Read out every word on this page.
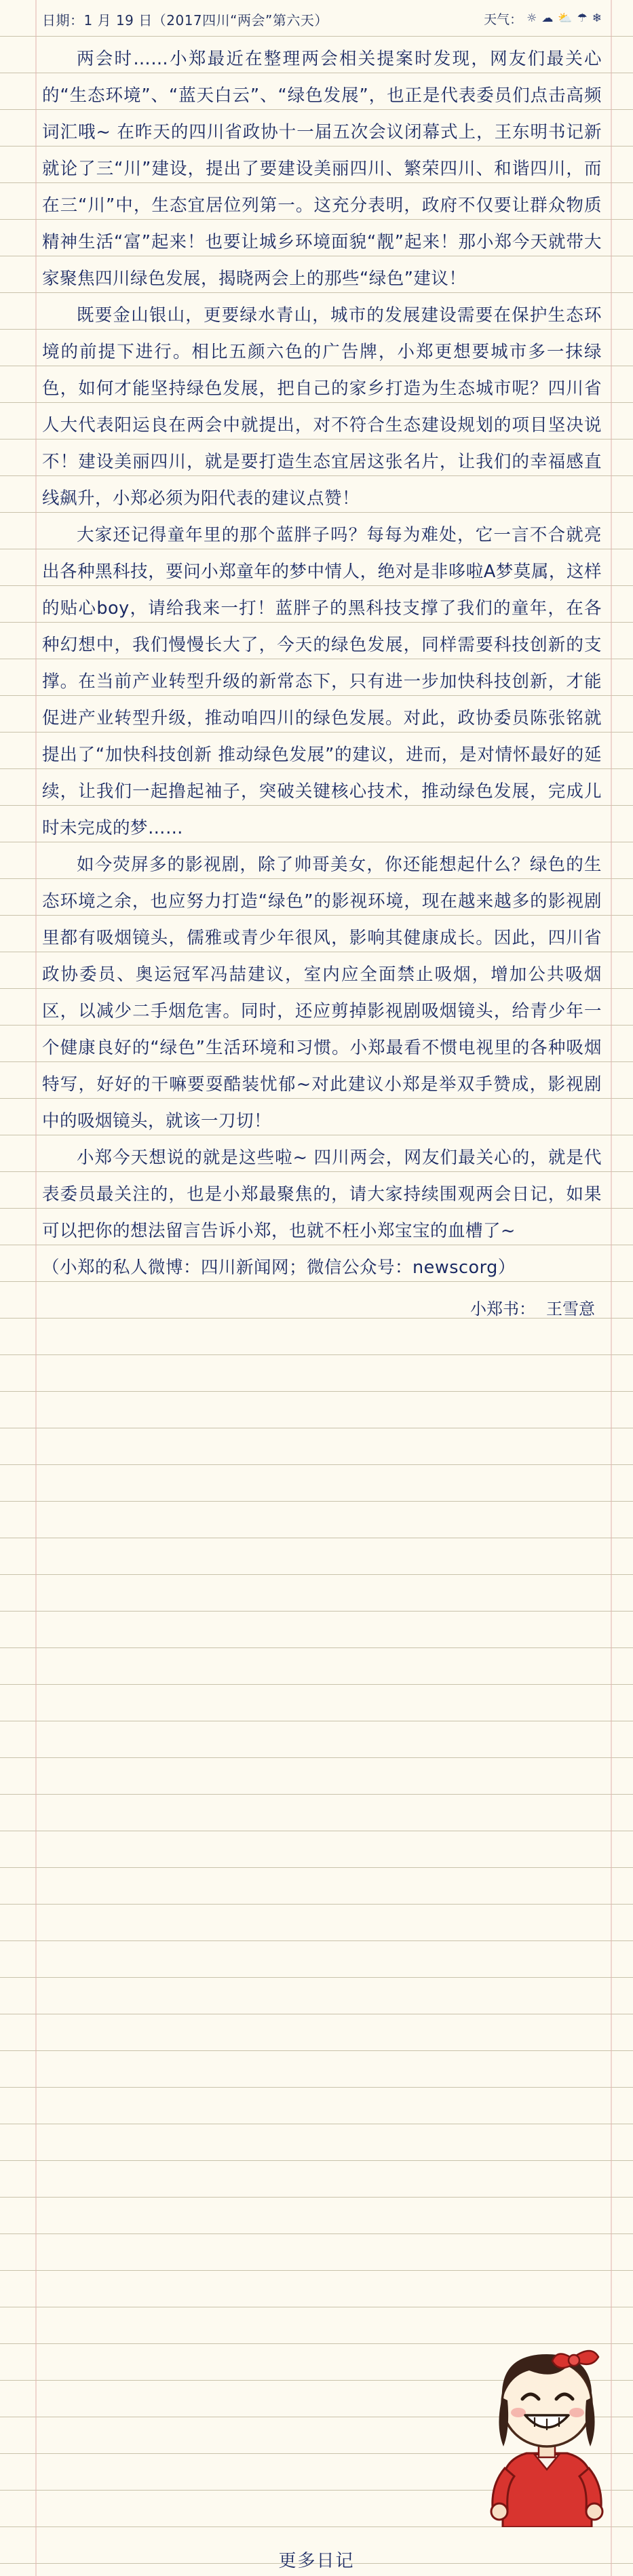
日期：1 月 19 日（2017四川“两会”第六天）	天气： ☼ ☁ ⛅ ☂ ❄

两会时……小郑最近在整理两会相关提案时发现，网友们最关心的“生态环境”、“蓝天白云”、“绿色发展”，也正是代表委员们点击高频词汇哦~ 在昨天的四川省政协十一届五次会议闭幕式上，王东明书记新就论了三“川”建设，提出了要建设美丽四川、繁荣四川、和谐四川，而在三“川”中，生态宜居位列第一。这充分表明，政府不仅要让群众物质精神生活“富”起来！也要让城乡环境面貌“靓”起来！那小郑今天就带大家聚焦四川绿色发展，揭晓两会上的那些“绿色”建议！

既要金山银山，更要绿水青山，城市的发展建设需要在保护生态环境的前提下进行。相比五颜六色的广告牌，小郑更想要城市多一抹绿色，如何才能坚持绿色发展，把自己的家乡打造为生态城市呢？四川省人大代表阳运良在两会中就提出，对不符合生态建设规划的项目坚决说不！建设美丽四川，就是要打造生态宜居这张名片，让我们的幸福感直线飙升，小郑必须为阳代表的建议点赞！

大家还记得童年里的那个蓝胖子吗？每每为难处，它一言不合就亮出各种黑科技，要问小郑童年的梦中情人，绝对是非哆啦A梦莫属，这样的贴心boy，请给我来一打！蓝胖子的黑科技支撑了我们的童年，在各种幻想中，我们慢慢长大了，今天的绿色发展，同样需要科技创新的支撑。在当前产业转型升级的新常态下，只有进一步加快科技创新，才能促进产业转型升级，推动咱四川的绿色发展。对此，政协委员陈张铭就提出了“加快科技创新 推动绿色发展”的建议，进而，是对情怀最好的延续，让我们一起撸起袖子，突破关键核心技术，推动绿色发展，完成儿时未完成的梦……

如今荧屏多的影视剧，除了帅哥美女，你还能想起什么？绿色的生态环境之余，也应努力打造“绿色”的影视环境，现在越来越多的影视剧里都有吸烟镜头，儒雅或青少年很风，影响其健康成长。因此，四川省政协委员、奥运冠军冯喆建议，室内应全面禁止吸烟，增加公共吸烟区，以减少二手烟危害。同时，还应剪掉影视剧吸烟镜头，给青少年一个健康良好的“绿色”生活环境和习惯。小郑最看不惯电视里的各种吸烟特写，好好的干嘛要耍酷装忧郁~对此建议小郑是举双手赞成，影视剧中的吸烟镜头，就该一刀切！

小郑今天想说的就是这些啦~ 四川两会，网友们最关心的，就是代表委员最关注的，也是小郑最聚焦的，请大家持续围观两会日记，如果可以把你的想法留言告诉小郑，也就不枉小郑宝宝的血槽了~

（小郑的私人微博：四川新闻网；微信公众号：newscorg）

小郑书： 王雪意
更多日记
